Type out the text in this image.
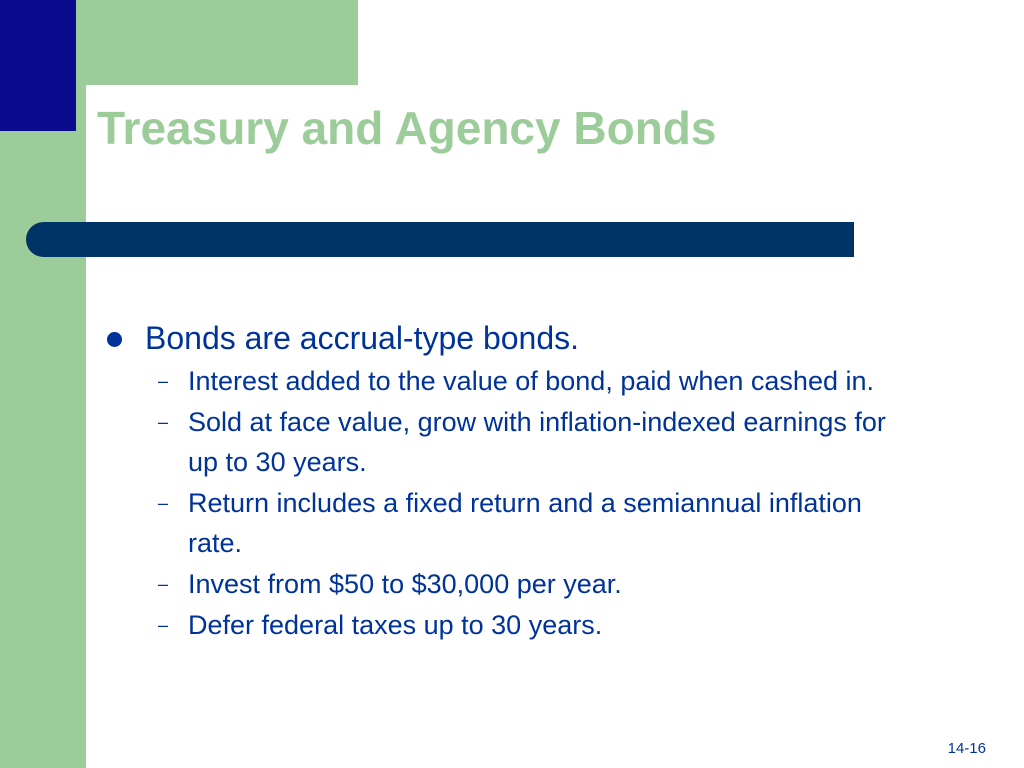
Treasury and Agency Bonds
Bonds are accrual-type bonds.
– Interest added to the value of bond, paid when cashed in.
– Sold at face value, grow with inflation-indexed earnings for up to 30 years.
– Return includes a fixed return and a semiannual inflation rate.
– Invest from $50 to $30,000 per year.
– Defer federal taxes up to 30 years.
14-16
